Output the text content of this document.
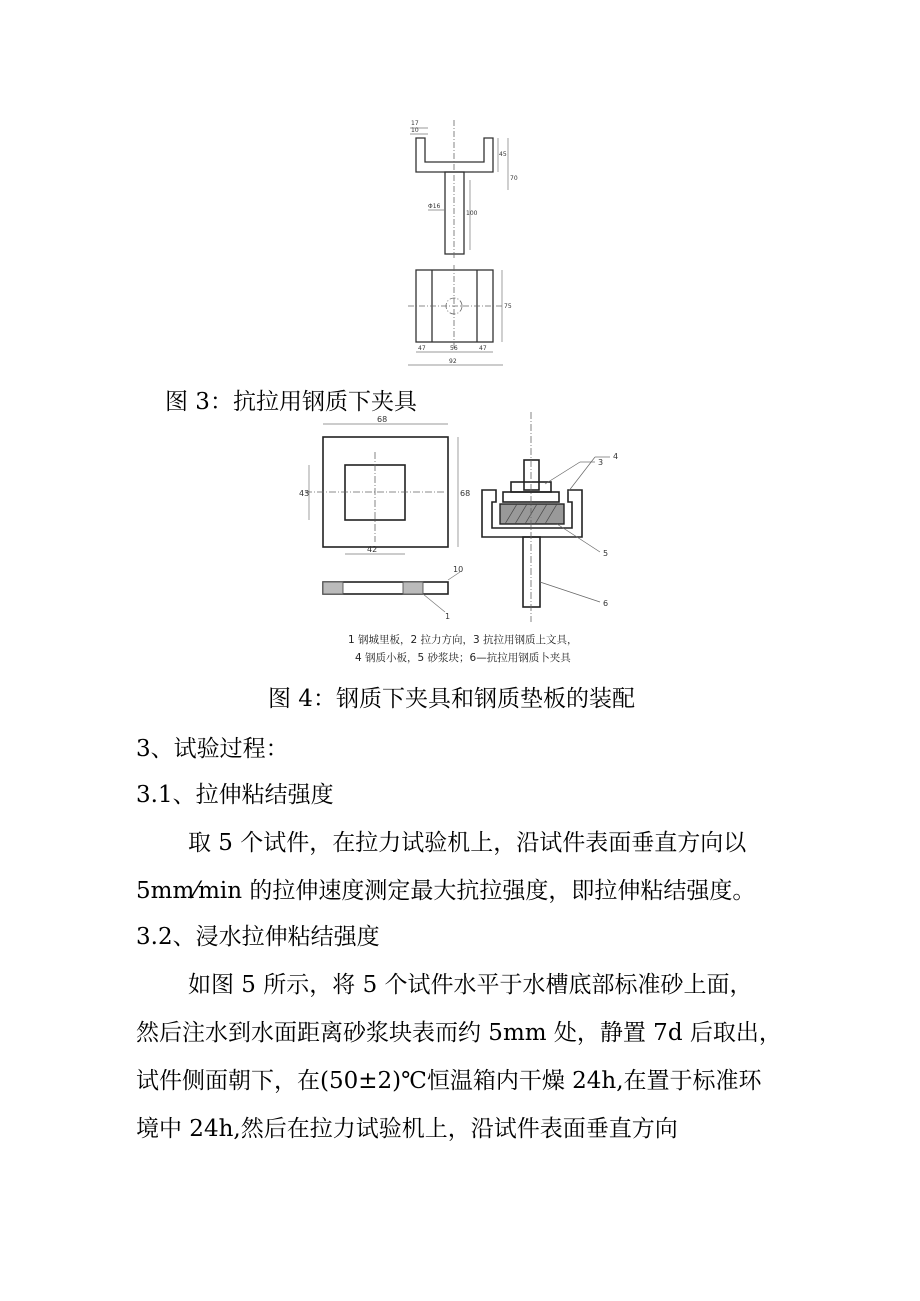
17
10
45
70
Φ16
100
75
47	56	47
92
图 3：抗拉用钢质下夹具
68
43	68
42
10
1
3
4
5
6
1 钢城里板，2 拉力方向，3 抗拉用钢质上文具，
4 钢质小板，5 砂浆块；6—抗拉用钢质卜夹具
图 4：钢质下夹具和钢质垫板的装配
3、试验过程：
3.1、拉伸粘结强度
取 5 个试件，在拉力试验机上，沿试件表面垂直方向以
5mm⁄min 的拉伸速度测定最大抗拉强度，即拉伸粘结强度。
3.2、浸水拉伸粘结强度
如图 5 所示，将 5 个试件水平于水槽底部标准砂上面，
然后注水到水面距离砂浆块表而约 5mm 处，静置 7d 后取出，
试件侧面朝下，在(50±2)℃恒温箱内干燥 24h,在置于标准环
境中 24h,然后在拉力试验机上，沿试件表面垂直方向
